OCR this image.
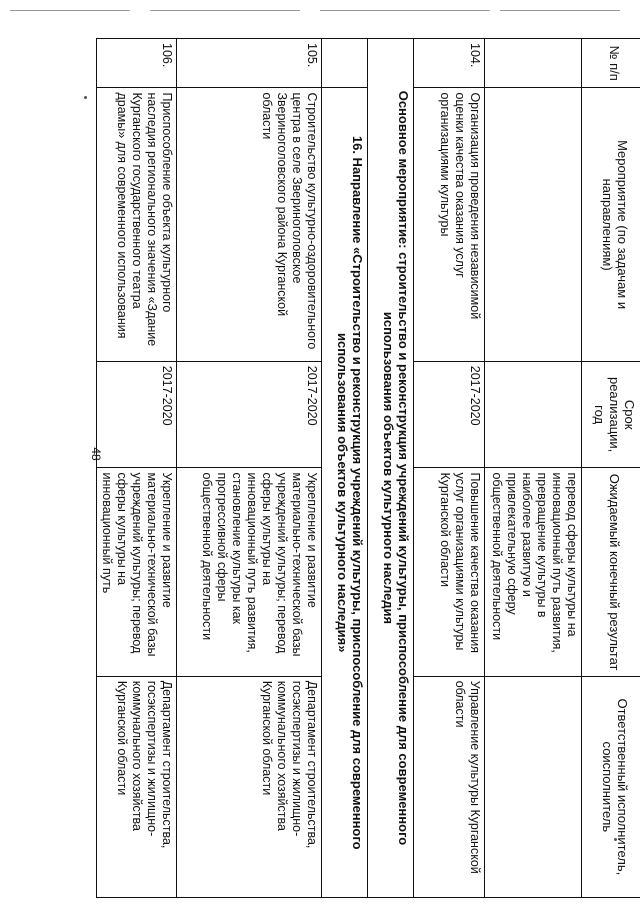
48
№ п/п	Мероприятие (по задачам и направлениям)	Срок реализации, год	Ожидаемый конечный результат	Ответственный исполнитель, соисполнитель
			перевод сферы культуры на инновационный путь развития, превращение культуры в наиболее развитую и привлекательную сферу общественной деятельности	
104.	Организация проведения независимой оценки качества оказания услуг организациями культуры	2017-2020	Повышение качества оказания услуг организациями культуры Курганской области	Управление культуры Курганской области
Основное мероприятие: строительство и реконструкция учреждений культуры, приспособление для современного использования объектов культурного наследия				
	16. Направление «Строительство и реконструкция учреждений культуры, приспособление для современного использования объектов культурного наследия»			
105.	Строительство культурно-оздоровительного центра в селе Звериноголовское Звериноголовского района Курганской области	2017-2020	Укрепление и развитие материально-технической базы учреждений культуры; перевод сферы культуры на инновационный путь развития, становление культуры как прогрессивной сферы общественной деятельности	Департамент строительства, госэкспертизы и жилищно-коммунального хозяйства Курганской области
106.	Приспособление объекта культурного наследия регионального значения «Здание Курганского государственного театра драмы» для современного использования	2017-2020	Укрепление и развитие материально-технической базы учреждений культуры; перевод сферы культуры на инновационный путь	Департамент строительства, госэкспертизы и жилищно-коммунального хозяйства Курганской области
